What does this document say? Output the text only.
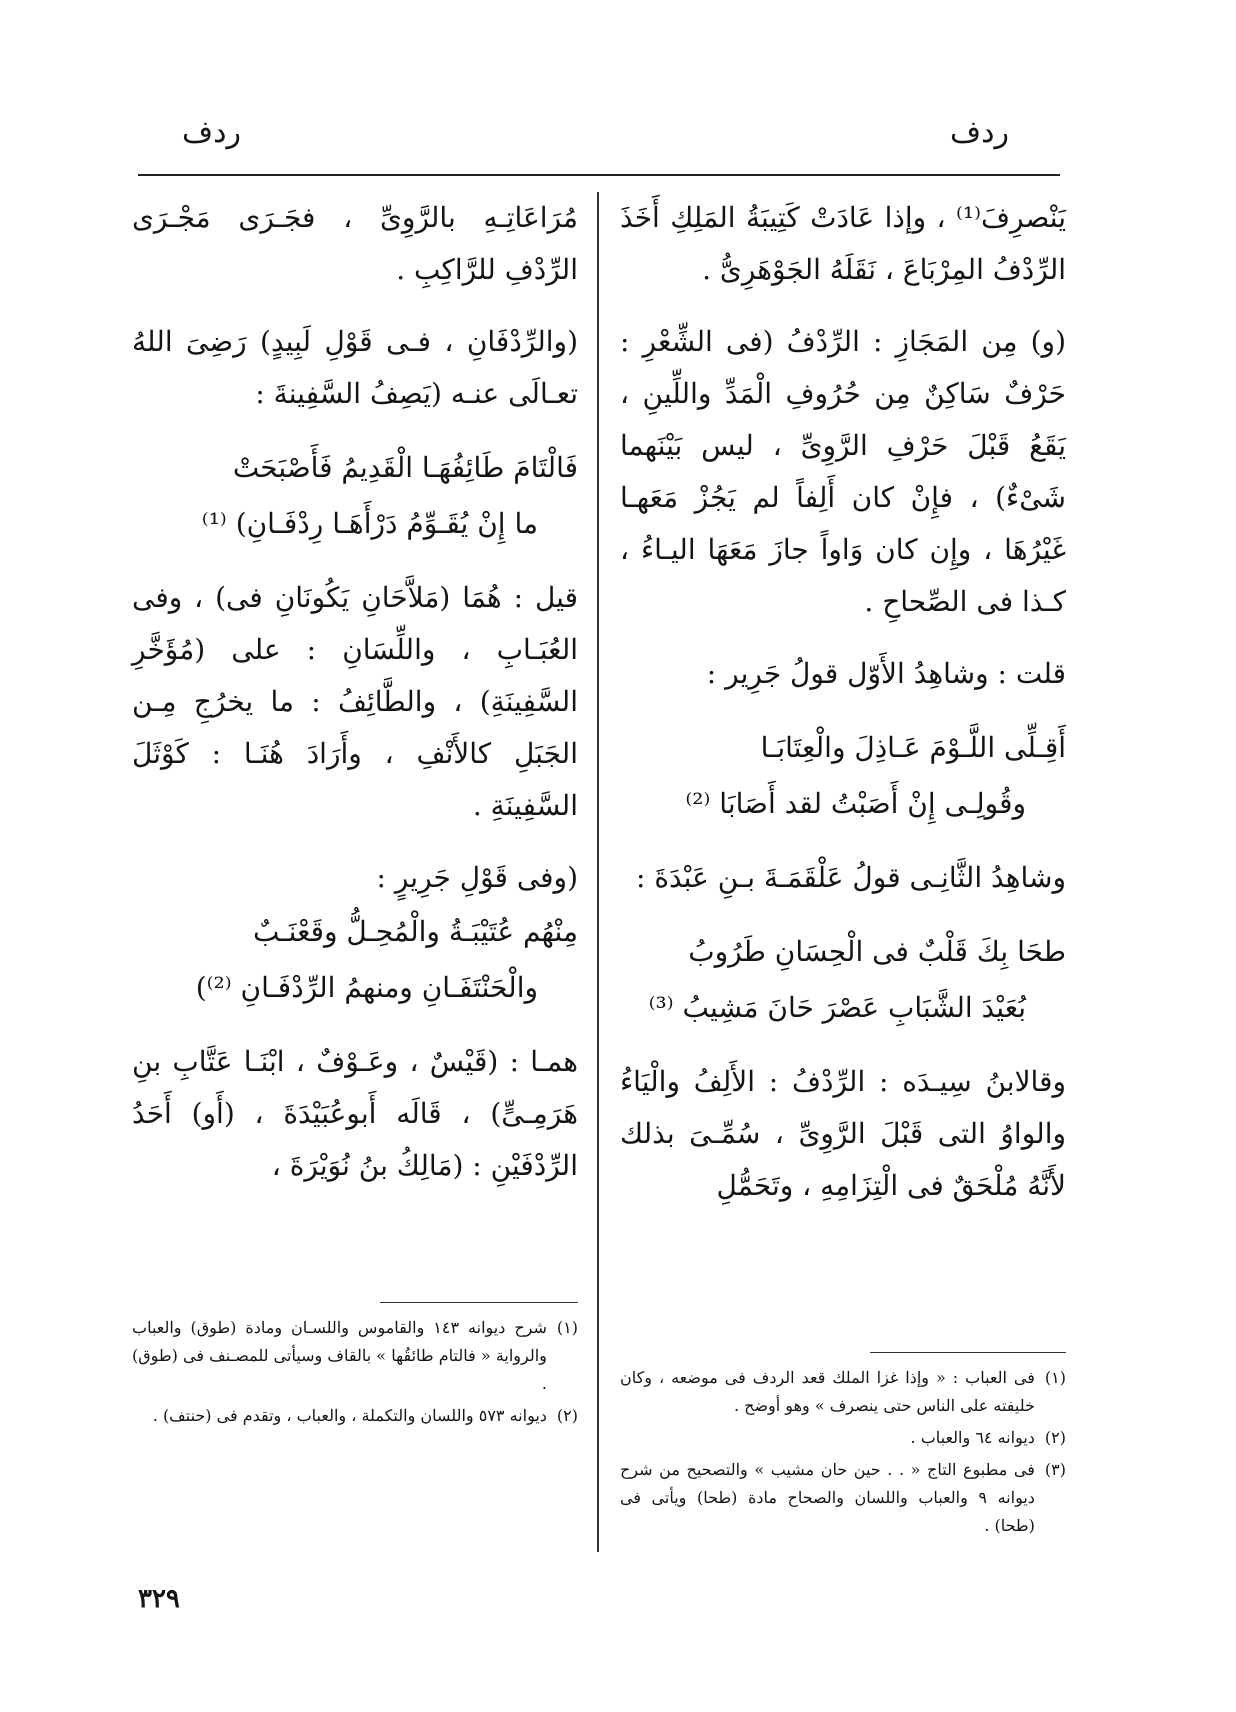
ردف	ردف

يَنْصرِفَ⁽¹⁾ ، وإذا عَادَتْ كَتِيبَةُ المَلِكِ أَخَذَ الرِّدْفُ المِرْبَاعَ ، نَقَلَهُ الجَوْهَرِىُّ .

(و) مِن المَجَازِ : الرِّدْفُ (فى الشِّعْرِ : حَرْفٌ سَاكِنٌ مِن حُرُوفِ الْمَدِّ واللِّينِ ، يَقَعُ قَبْلَ حَرْفِ الرَّوِىِّ ، ليس بَيْنَهما شَىْءٌ) ، فإِنْ كان أَلِفاً لم يَجُزْ مَعَهـا غَيْرُهَا ، وإِن كان وَاواً جازَ مَعَهَا اليـاءُ ، كـذا فى الصِّحاحِ .

قلت : وشاهِدُ الأَوّل قولُ جَرِير :

أَقِـلِّى اللَّـوْمَ عَـاذِلَ والْعِتَابَـا

وقُولِـى إِنْ أَصَبْتُ لقد أَصَابَا ⁽²⁾

وشاهِدُ الثَّانِـى قولُ عَلْقَمَـةَ بـنِ عَبْدَةَ :

طحَا بِكَ قَلْبٌ فى الْحِسَانِ طَرُوبُ

بُعَيْدَ الشَّبَابِ عَصْرَ حَانَ مَشِيبُ ⁽³⁾

وقالابنُ سِيـدَه : الرِّدْفُ : الأَلِفُ والْيَاءُ والواوُ التى قَبْلَ الرَّوِىِّ ، سُمِّـىَ بذلك لأَنَّهُ مُلْحَقٌ فى الْتِزَامِهِ ، وتَحَمُّلِ

مُرَاعَاتِـهِ بالرَّوِىِّ ، فجَـرَى مَجْـرَى الرِّدْفِ للرَّاكِبِ .

(والرِّدْفَانِ ، فـى قَوْلِ لَبِيدٍ) رَضِىَ اللهُ تعـالَى عنـه (يَصِفُ السَّفِينةَ :

فَالْتَامَ طَائِفُهَـا الْقَدِيمُ فَأَصْبَحَتْ

ما إِنْ يُقَـوِّمُ دَرْأَهَـا رِدْفَـانِ) ⁽¹⁾

قيل : هُمَا (مَلاَّحَانِ يَكُونَانِ فى) ، وفى العُبَـابِ ، واللِّسَانِ : على (مُؤَخَّرِ السَّفِينَةِ) ، والطَّائِفُ : ما يخرُجِ مِـن الجَبَلِ كالأَنْفِ ، وأَرَادَ هُنَـا : كَوْثَلَ السَّفِينَةِ .

(وفى قَوْلِ جَرِيرٍ :

مِنْهُم عُتَيْبَـةُ والْمُحِـلُّ وقَعْنَـبٌ

والْحَنْتَفَـانِ ومنهمُ الرِّدْفَـانِ ⁽²⁾)

همـا : (قَيْسٌ ، وعَـوْفٌ ، ابْنَـا عَتَّابِ بنِ هَرَمِـىٍّ) ، قَالَه أَبوعُبَيْدَةَ ، (أَو) أَحَدُ الرِّدْفَيْنِ : (مَالِكُ بنُ نُوَيْرَةَ ،

(١)
فى العباب : « وإذا غزا الملك قعد الردف فى موضعه ، وكان خليفته على الناس حتى ينصرف » وهو أوضح .
(٢)
ديوانه ٦٤ والعباب .
(٣)
فى مطبوع التاج « . . حين حان مشيب » والتصحيح من شرح ديوانه ٩ والعباب واللسان والصحاح مادة (طحا) ويأتى فى (طحا) .
(١)
شرح ديوانه ١٤٣ والقاموس واللسـان ومادة (طوق) والعباب والرواية « فالتام طائقُها » بالقاف وسيأتى للمصـنف فى (طوق) .
(٢)
ديوانه ٥٧٣ واللسان والتكملة ، والعباب ، وتقدم فى (حنتف) .
٣٢٩
